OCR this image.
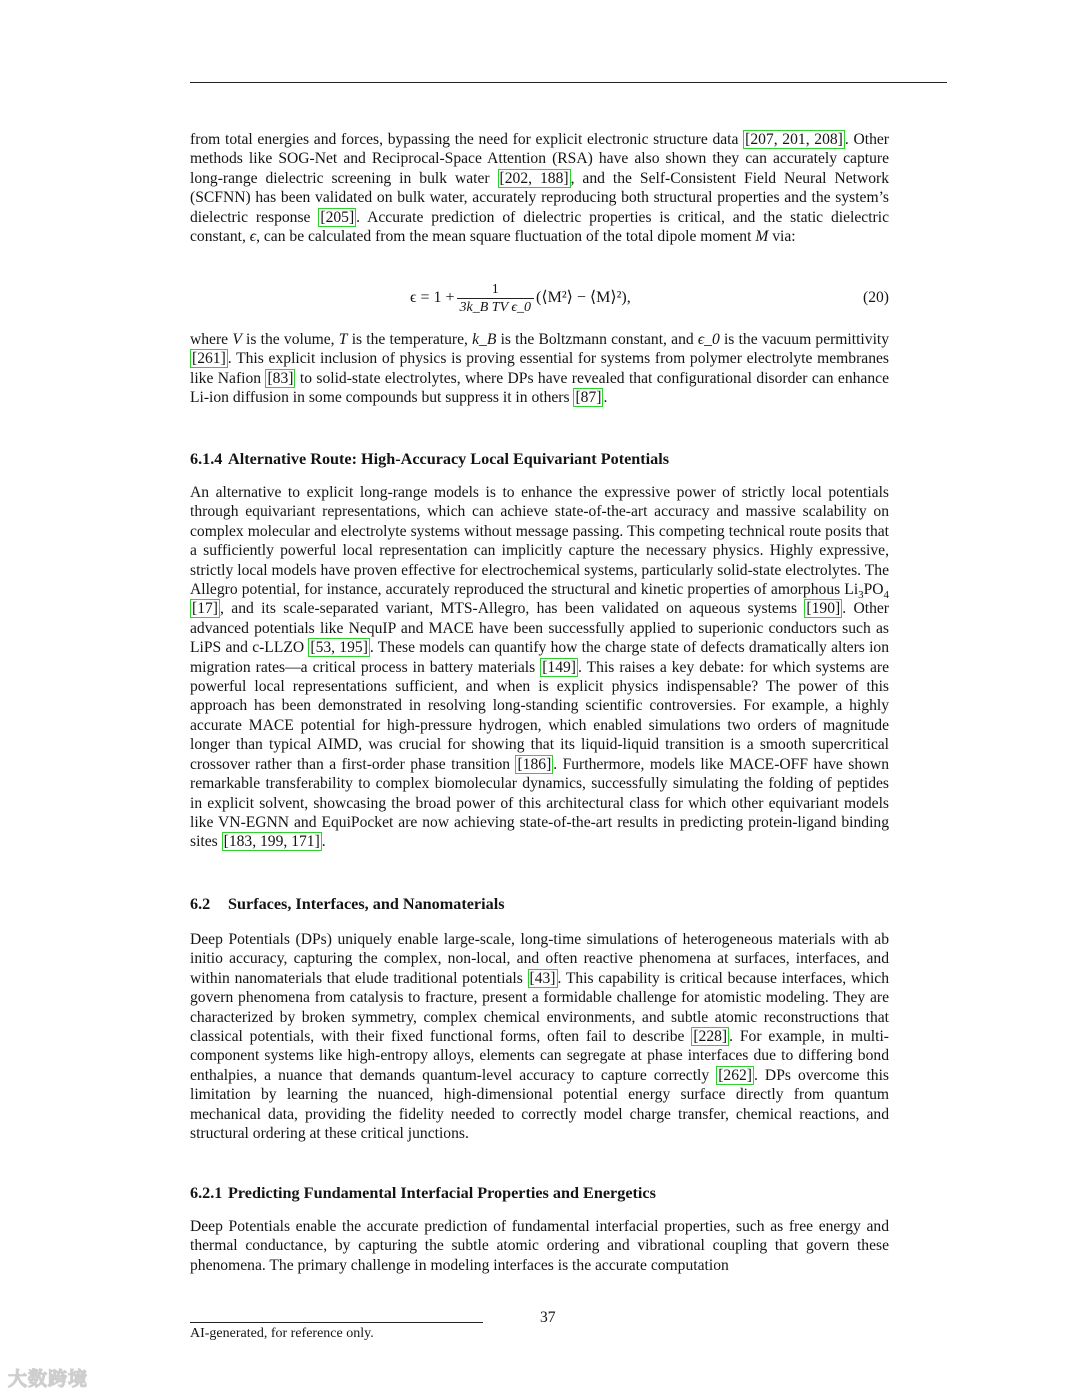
from total energies and forces, bypassing the need for explicit electronic structure data [207, 201, 208] . Other methods like SOG-Net and Reciprocal-Space Attention (RSA) have also shown they can accurately capture long-range dielectric screening in bulk water [202, 188] , and the Self-Consistent Field Neural Network (SCFNN) has been validated on bulk water, accurately reproducing both structural properties and the system’s dielectric response [205] . Accurate prediction of dielectric properties is critical, and the static dielectric constant, ϵ, can be calculated from the mean square fluctuation of the total dipole moment M via:

$\epsilon = 1 + \frac{1}{\text{3k\_B TV ϵ\_0}}$ (⟨M²⟩ − ⟨M⟩²),	(20)

where V is the volume, T is the temperature, k_B is the Boltzmann constant, and ϵ_0 is the vacuum permittivity [261] . This explicit inclusion of physics is proving essential for systems from polymer electrolyte membranes like Nafion [83] to solid-state electrolytes, where DPs have revealed that configurational disorder can enhance Li-ion diffusion in some compounds but suppress it in others [87] .

6.1.4 Alternative Route: High-Accuracy Local Equivariant Potentials

An alternative to explicit long-range models is to enhance the expressive power of strictly local potentials through equivariant representations, which can achieve state-of-the-art accuracy and massive scalability on complex molecular and electrolyte systems without message passing. This competing technical route posits that a sufficiently powerful local representation can implicitly capture the necessary physics. Highly expressive, strictly local models have proven effective for electrochemical systems, particularly solid-state electrolytes. The Allegro potential, for instance, accurately reproduced the structural and kinetic properties of amorphous $Li_3PO_4$ [17] , and its scale-separated variant, MTS-Allegro, has been validated on aqueous systems [190] . Other advanced potentials like NequIP and MACE have been successfully applied to superionic conductors such as LiPS and c-LLZO [53, 195] . These models can quantify how the charge state of defects dramatically alters ion migration rates—a critical process in battery materials [149] . This raises a key debate: for which systems are powerful local representations sufficient, and when is explicit physics indispensable? The power of this approach has been demonstrated in resolving long-standing scientific controversies. For example, a highly accurate MACE potential for high-pressure hydrogen, which enabled simulations two orders of magnitude longer than typical AIMD, was crucial for showing that its liquid-liquid transition is a smooth supercritical crossover rather than a first-order phase transition [186] . Furthermore, models like MACE-OFF have shown remarkable transferability to complex biomolecular dynamics, successfully simulating the folding of peptides in explicit solvent, showcasing the broad power of this architectural class for which other equivariant models like VN-EGNN and EquiPocket are now achieving state-of-the-art results in predicting protein-ligand binding sites [183, 199, 171] .

6.2 Surfaces, Interfaces, and Nanomaterials

Deep Potentials (DPs) uniquely enable large-scale, long-time simulations of heterogeneous materials with ab initio accuracy, capturing the complex, non-local, and often reactive phenomena at surfaces, interfaces, and within nanomaterials that elude traditional potentials [43] . This capability is critical because interfaces, which govern phenomena from catalysis to fracture, present a formidable challenge for atomistic modeling. They are characterized by broken symmetry, complex chemical environments, and subtle atomic reconstructions that classical potentials, with their fixed functional forms, often fail to describe [228] . For example, in multi-component systems like high-entropy alloys, elements can segregate at phase interfaces due to differing bond enthalpies, a nuance that demands quantum-level accuracy to capture correctly [262] . DPs overcome this limitation by learning the nuanced, high-dimensional potential energy surface directly from quantum mechanical data, providing the fidelity needed to correctly model charge transfer, chemical reactions, and structural ordering at these critical junctions.

6.2.1 Predicting Fundamental Interfacial Properties and Energetics

Deep Potentials enable the accurate prediction of fundamental interfacial properties, such as free energy and thermal conductance, by capturing the subtle atomic ordering and vibrational coupling that govern these phenomena. The primary challenge in modeling interfaces is the accurate computation

37
AI-generated, for reference only.
大数跨境
